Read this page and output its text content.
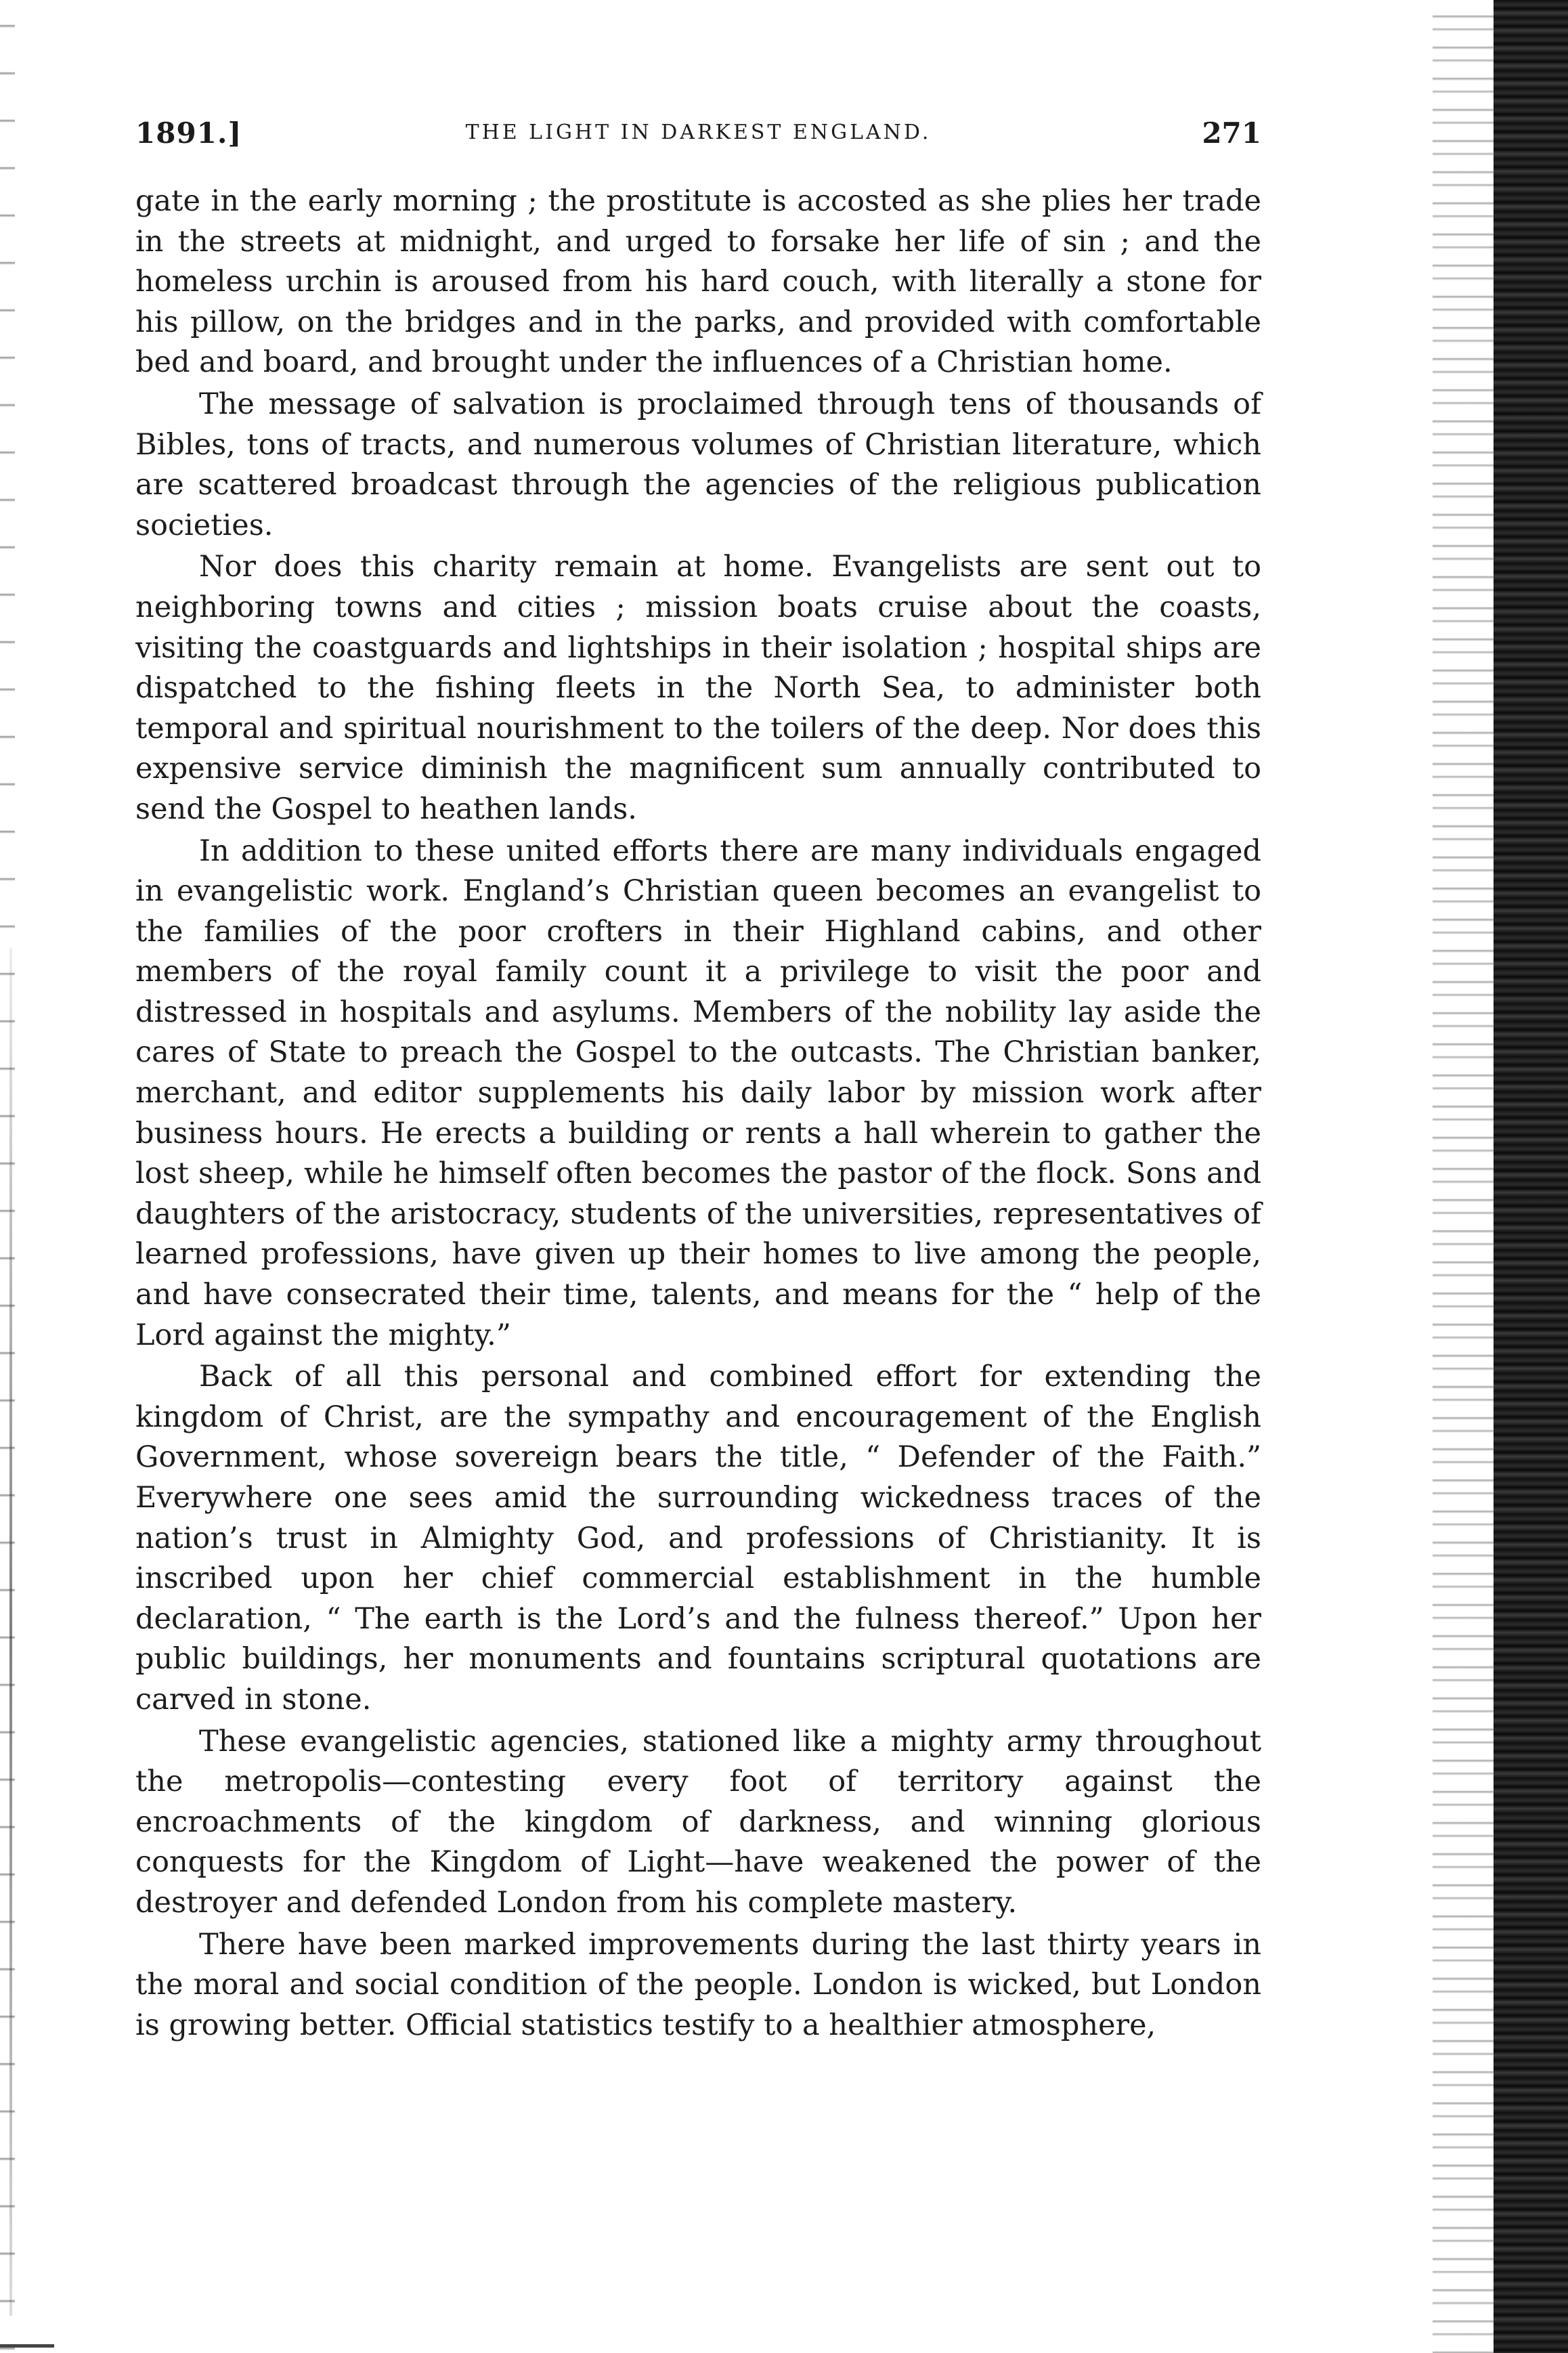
1891.]	THE LIGHT IN DARKEST ENGLAND.	271

gate in the early morning ; the prostitute is accosted as she plies her trade in the streets at midnight, and urged to forsake her life of sin ; and the homeless urchin is aroused from his hard couch, with literally a stone for his pillow, on the bridges and in the parks, and provided with comfortable bed and board, and brought under the influences of a Christian home.

The message of salvation is proclaimed through tens of thousands of Bibles, tons of tracts, and numerous volumes of Christian literature, which are scattered broadcast through the agencies of the religious publication societies.

Nor does this charity remain at home. Evangelists are sent out to neighboring towns and cities ; mission boats cruise about the coasts, visiting the coastguards and lightships in their isolation ; hospital ships are dispatched to the fishing fleets in the North Sea, to administer both temporal and spiritual nourishment to the toilers of the deep. Nor does this expensive service diminish the magnificent sum annually contributed to send the Gospel to heathen lands.

In addition to these united efforts there are many individuals engaged in evangelistic work. England’s Christian queen becomes an evangelist to the families of the poor crofters in their Highland cabins, and other members of the royal family count it a privilege to visit the poor and distressed in hospitals and asylums. Members of the nobility lay aside the cares of State to preach the Gospel to the outcasts. The Christian banker, merchant, and editor supplements his daily labor by mission work after business hours. He erects a building or rents a hall wherein to gather the lost sheep, while he himself often becomes the pastor of the flock. Sons and daughters of the aristocracy, students of the universities, representatives of learned professions, have given up their homes to live among the people, and have consecrated their time, talents, and means for the “ help of the Lord against the mighty.”

Back of all this personal and combined effort for extending the kingdom of Christ, are the sympathy and encouragement of the English Government, whose sovereign bears the title, “ Defender of the Faith.” Everywhere one sees amid the surrounding wickedness traces of the nation’s trust in Almighty God, and professions of Christianity. It is inscribed upon her chief commercial establishment in the humble declaration, “ The earth is the Lord’s and the fulness thereof.” Upon her public buildings, her monuments and fountains scriptural quotations are carved in stone.

These evangelistic agencies, stationed like a mighty army throughout the metropolis—contesting every foot of territory against the encroachments of the kingdom of darkness, and winning glorious conquests for the Kingdom of Light—have weakened the power of the destroyer and defended London from his complete mastery.

There have been marked improvements during the last thirty years in the moral and social condition of the people. London is wicked, but London is growing better. Official statistics testify to a healthier atmosphere,
